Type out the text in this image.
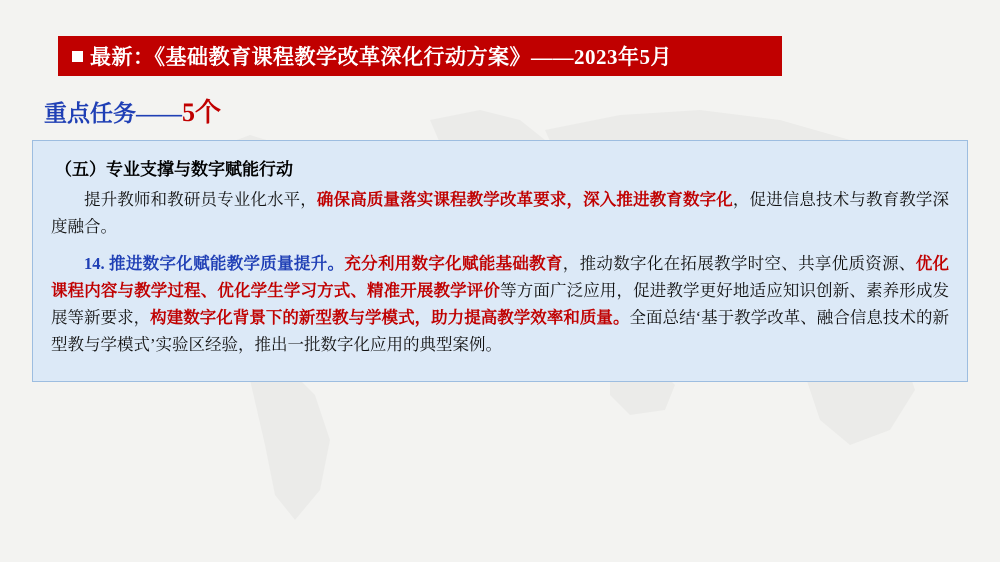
最新：《基础教育课程教学改革深化行动方案》——2023年5月
重点任务——5个
（五）专业支撑与数字赋能行动

提升教师和教研员专业化水平，确保高质量落实课程教学改革要求，深入推进教育数字化，促进信息技术与教育教学深度融合。

14. 推进数字化赋能教学质量提升。充分利用数字化赋能基础教育，推动数字化在拓展教学时空、共享优质资源、优化课程内容与教学过程、优化学生学习方式、精准开展教学评价等方面广泛应用，促进教学更好地适应知识创新、素养形成发展等新要求，构建数字化背景下的新型教与学模式，助力提高教学效率和质量。全面总结‘基于教学改革、融合信息技术的新型教与学模式’实验区经验，推出一批数字化应用的典型案例。
